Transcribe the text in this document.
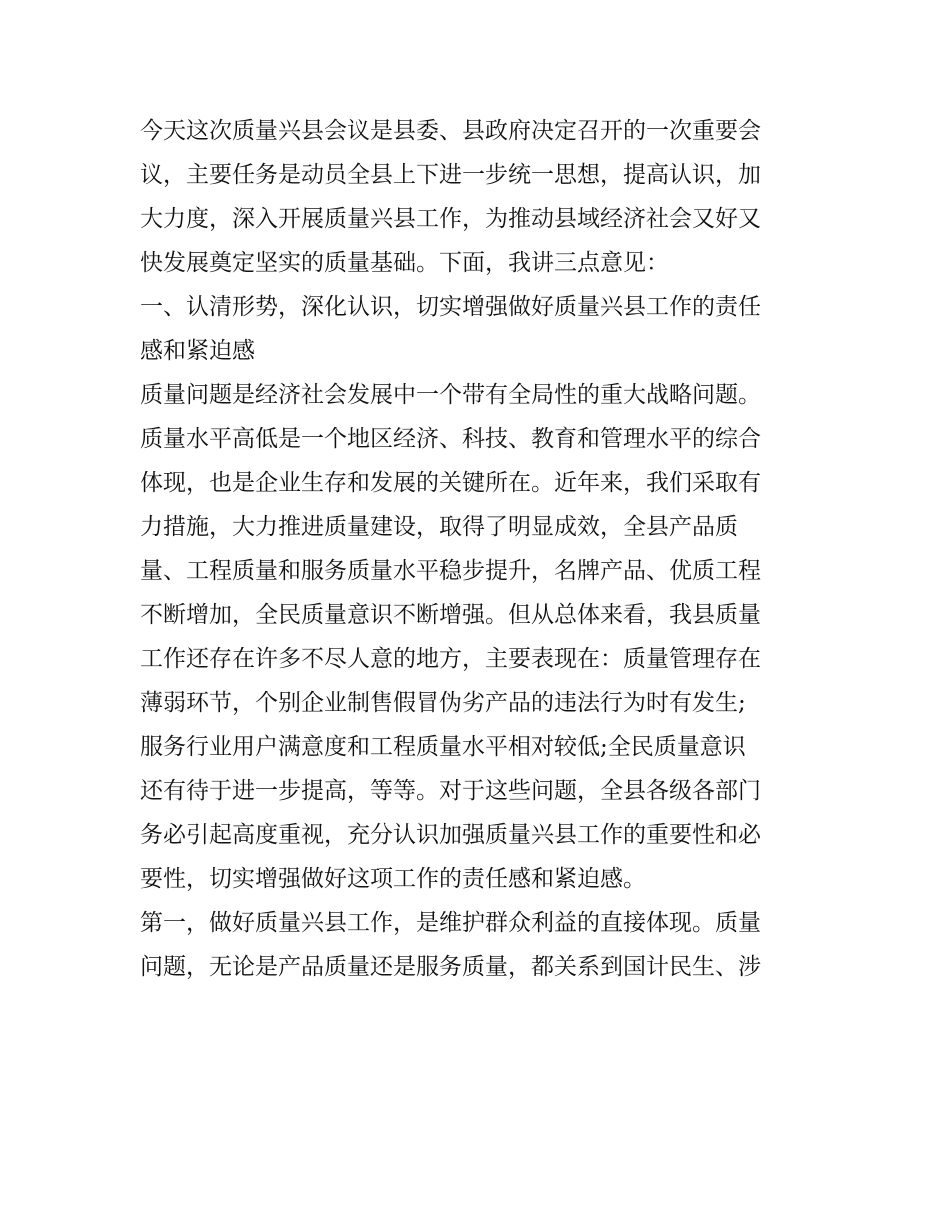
今天这次质量兴县会议是县委、县政府决定召开的一次重要会
议，主要任务是动员全县上下进一步统一思想，提高认识，加
大力度，深入开展质量兴县工作，为推动县域经济社会又好又
快发展奠定坚实的质量基础。下面，我讲三点意见：
一、认清形势，深化认识，切实增强做好质量兴县工作的责任
感和紧迫感
质量问题是经济社会发展中一个带有全局性的重大战略问题。
质量水平高低是一个地区经济、科技、教育和管理水平的综合
体现，也是企业生存和发展的关键所在。近年来，我们采取有
力措施，大力推进质量建设，取得了明显成效，全县产品质
量、工程质量和服务质量水平稳步提升，名牌产品、优质工程
不断增加，全民质量意识不断增强。但从总体来看，我县质量
工作还存在许多不尽人意的地方，主要表现在：质量管理存在
薄弱环节，个别企业制售假冒伪劣产品的违法行为时有发生;
服务行业用户满意度和工程质量水平相对较低;全民质量意识
还有待于进一步提高，等等。对于这些问题，全县各级各部门
务必引起高度重视，充分认识加强质量兴县工作的重要性和必
要性，切实增强做好这项工作的责任感和紧迫感。
第一，做好质量兴县工作，是维护群众利益的直接体现。质量
问题，无论是产品质量还是服务质量，都关系到国计民生、涉
